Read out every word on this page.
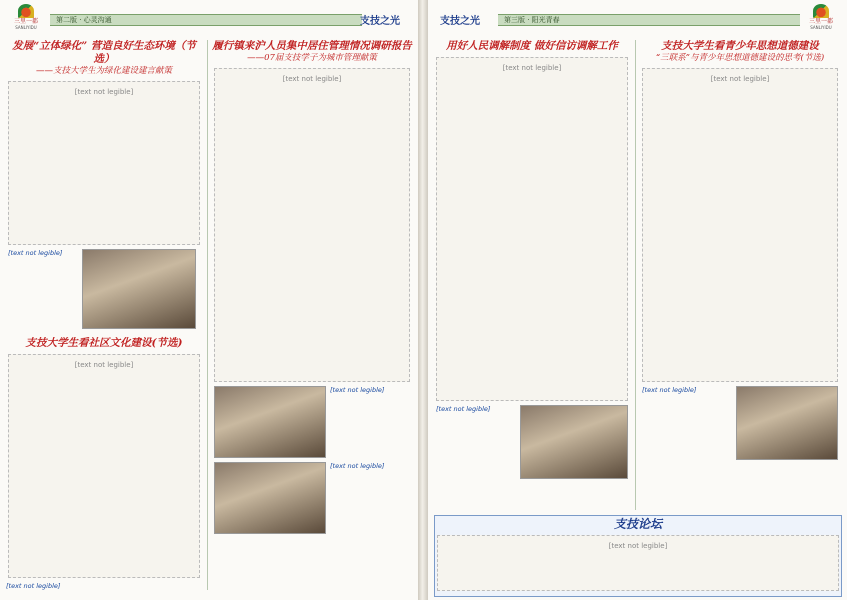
三里一都
SANLIYIDU
第二版 · 心灵沟通	支技之光
发展“立体绿化” 营造良好生态环境（节选）
——支技大学生为绿化建设建言献策
[text not legible]
[text not legible]
支技大学生看社区文化建设(节选)
[text not legible]
[text not legible]
履行镇来沪人员集中居住管理情况调研报告
——07届支技学子为城市管理献策
[text not legible]
[text not legible]
[text not legible]
支技之光	第三版 · 阳光青春	三里一都
SANLIYIDU
用好人民调解制度 做好信访调解工作
[text not legible]
[text not legible]
支技大学生看青少年思想道德建设
“三联系”与青少年思想道德建设的思考(节选)
[text not legible]
[text not legible]
支技论坛
[text not legible]
